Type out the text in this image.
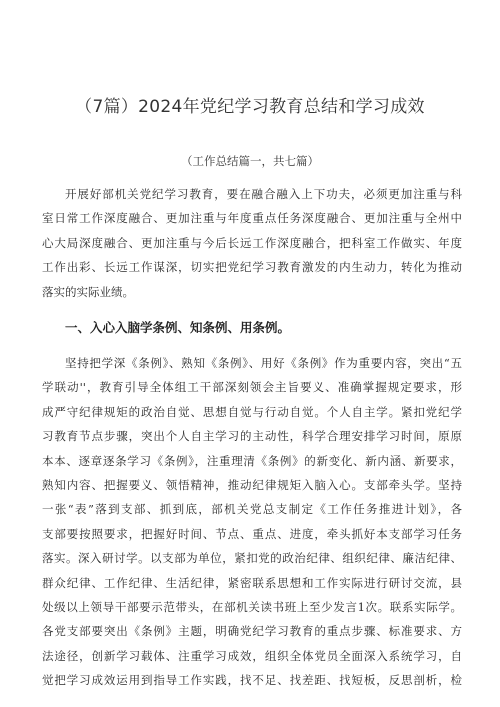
（7篇）2024年党纪学习教育总结和学习成效
（工作总结篇一，共七篇）
开展好部机关党纪学习教育，要在融合融入上下功夫，必须更加注重与科
室日常工作深度融合、更加注重与年度重点任务深度融合、更加注重与全州中
心大局深度融合、更加注重与今后长远工作深度融合，把科室工作做实、年度
工作出彩、长远工作谋深，切实把党纪学习教育激发的内生动力，转化为推动
落实的实际业绩。
一、入心入脑学条例、知条例、用条例。
坚持把学深《条例》、熟知《条例》、用好《条例》作为重要内容，突出“五
学联动''，教育引导全体组工干部深刻领会主旨要义、准确掌握规定要求，形
成严守纪律规矩的政治自觉、思想自觉与行动自觉。个人自主学。紧扣党纪学
习教育节点步骤，突出个人自主学习的主动性，科学合理安排学习时间，原原
本本、逐章逐条学习《条例》，注重理清《条例》的新变化、新内涵、新要求，
熟知内容、把握要义、领悟精神，推动纪律规矩入脑入心。支部牵头学。坚持
一张“表”落到支部、抓到底，部机关党总支制定《工作任务推进计划》，各
支部要按照要求，把握好时间、节点、重点、进度，牵头抓好本支部学习任务
落实。深入研讨学。以支部为单位，紧扣党的政治纪律、组织纪律、廉洁纪律、
群众纪律、工作纪律、生活纪律，紧密联系思想和工作实际进行研讨交流，县
处级以上领导干部要示范带头，在部机关读书班上至少发言1次。联系实际学。
各党支部要突出《条例》主题，明确党纪学习教育的重点步骤、标准要求、方
法途径，创新学习载体、注重学习成效，组织全体党员全面深入系统学习，自
觉把学习成效运用到指导工作实践，找不足、找差距、找短板，反思剖析，检
